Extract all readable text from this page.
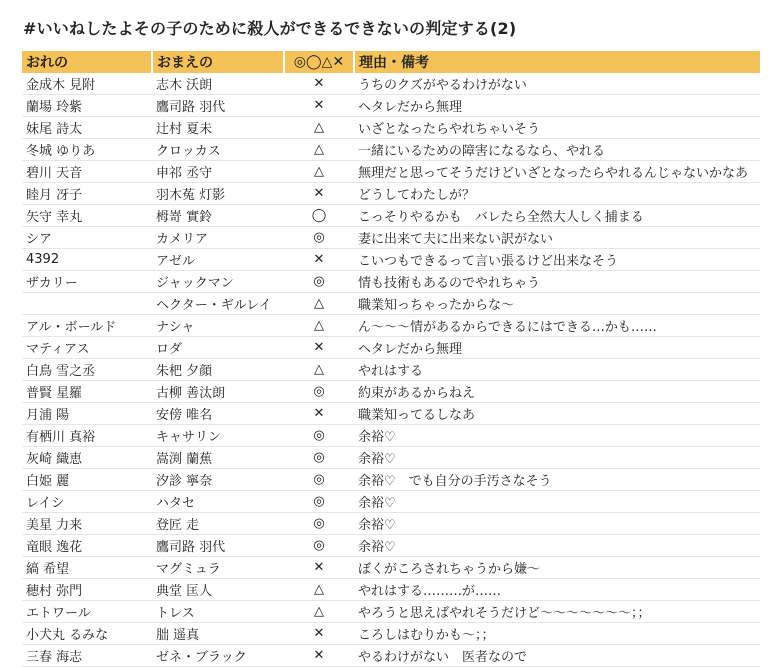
#いいねしたよその子のために殺人ができるできないの判定する(2)
おれの	おまえの	◎◯△✕	理由・備考
金成木 見附	志木 沃朗	✕	うちのクズがやるわけがない
蘭場 玲紫	鷹司路 羽代	✕	ヘタレだから無理
妹尾 詩太	辻村 夏未	△	いざとなったらやれちゃいそう
冬城 ゆりあ	クロッカス	△	一緒にいるための障害になるなら、やれる
碧川 天音	申祁 丞守	△	無理だと思ってそうだけどいざとなったらやれるんじゃないかなあ
睦月 冴子	羽木菟 灯影	✕	どうしてわたしが？
矢守 幸丸	栂嵜 實鈴	◯	こっそりやるかも　バレたら全然大人しく捕まる
シア	カメリア	◎	妻に出来て夫に出来ない訳がない
4392	アゼル	✕	こいつもできるって言い張るけど出来なそう
ザカリー	ジャックマン	◎	情も技術もあるのでやれちゃう
	ヘクター・ギルレイ	△	職業知っちゃったからな〜
アル・ボールド	ナシャ	△	ん〜〜〜情があるからできるにはできる…かも……
マティアス	ロダ	✕	ヘタレだから無理
白鳥 雪之丞	朱杷 夕顔	△	やれはする
普賢 星羅	古柳 善汰朗	◎	約束があるからねえ
月浦 陽	安傍 唯名	✕	職業知ってるしなあ
有栖川 真裕	キャサリン	◎	余裕♡
灰崎 織恵	嵩渕 蘭蕉	◎	余裕♡
白姫 麗	汐診 寧奈	◎	余裕♡　でも自分の手汚さなそう
レイシ	ハタセ	◎	余裕♡
美星 力来	登匠 走	◎	余裕♡
竜眼 逸花	鷹司路 羽代	◎	余裕♡
縞 希望	マグミュラ	✕	ぼくがころされちゃうから嫌〜
穂村 弥門	典堂 匡人	△	やれはする………が……
エトワール	トレス	△	やろうと思えばやれそうだけど〜〜〜〜〜〜〜；；
小犬丸 るみな	朏 遥真	✕	ころしはむりかも〜；；
三春 海志	ゼネ・ブラック	✕	やるわけがない　医者なので
